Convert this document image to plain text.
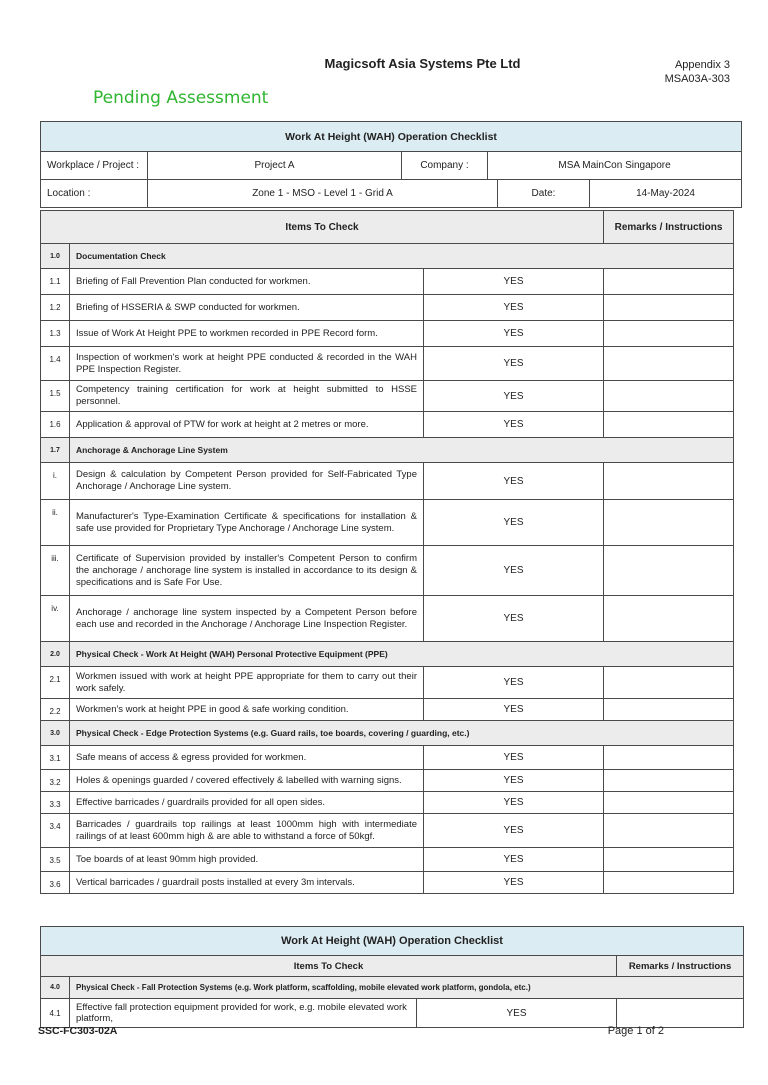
Magicsoft Asia Systems Pte Ltd	Appendix 3
MSA03A-303
Pending Assessment
Work At Height (WAH) Operation Checklist					
Workplace / Project :	Project A	Company :	MSA MainCon Singapore		
Location :	Zone 1 - MSO - Level 1 - Grid A			Date:	14-May-2024
Items To Check			Remarks / Instructions
1.0	Documentation Check		
1.1	Briefing of Fall Prevention Plan conducted for workmen.	YES	
1.2	Briefing of HSSERIA & SWP conducted for workmen.	YES	
1.3	Issue of Work At Height PPE to workmen recorded in PPE Record form.	YES	
1.4	Inspection of workmen's work at height PPE conducted & recorded in the WAH PPE Inspection Register.	YES	
1.5	Competency training certification for work at height submitted to HSSE personnel.	YES	
1.6	Application & approval of PTW for work at height at 2 metres or more.	YES	
1.7	Anchorage & Anchorage Line System		
i.	Design & calculation by Competent Person provided for Self-Fabricated Type Anchorage / Anchorage Line system.	YES	
ii.	Manufacturer's Type-Examination Certificate & specifications for installation & safe use provided for Proprietary Type Anchorage / Anchorage Line system.	YES	
iii.	Certificate of Supervision provided by installer's Competent Person to confirm the anchorage / anchorage line system is installed in accordance to its design & specifications and is Safe For Use.	YES	
iv.	Anchorage / anchorage line system inspected by a Competent Person before each use and recorded in the Anchorage / Anchorage Line Inspection Register.	YES	
2.0	Physical Check - Work At Height (WAH) Personal Protective Equipment (PPE)		
2.1	Workmen issued with work at height PPE appropriate for them to carry out their work safely.	YES	
2.2	Workmen's work at height PPE in good & safe working condition.	YES	
3.0	Physical Check - Edge Protection Systems (e.g. Guard rails, toe boards, covering / guarding, etc.)		
3.1	Safe means of access & egress provided for workmen.	YES	
3.2	Holes & openings guarded / covered effectively & labelled with warning signs.	YES	
3.3	Effective barricades / guardrails provided for all open sides.	YES	
3.4	Barricades / guardrails top railings at least 1000mm high with intermediate railings of at least 600mm high & are able to withstand a force of 50kgf.	YES	
3.5	Toe boards of at least 90mm high provided.	YES	
3.6	Vertical barricades / guardrail posts installed at every 3m intervals.	YES	
Work At Height (WAH) Operation Checklist			
Items To Check			Remarks / Instructions
4.0	Physical Check - Fall Protection Systems (e.g. Work platform, scaffolding, mobile elevated work platform, gondola, etc.)		
4.1	Effective fall protection equipment provided for work, e.g. mobile elevated work platform,	YES	
SSC-FC303-02A	Page 1 of 2
